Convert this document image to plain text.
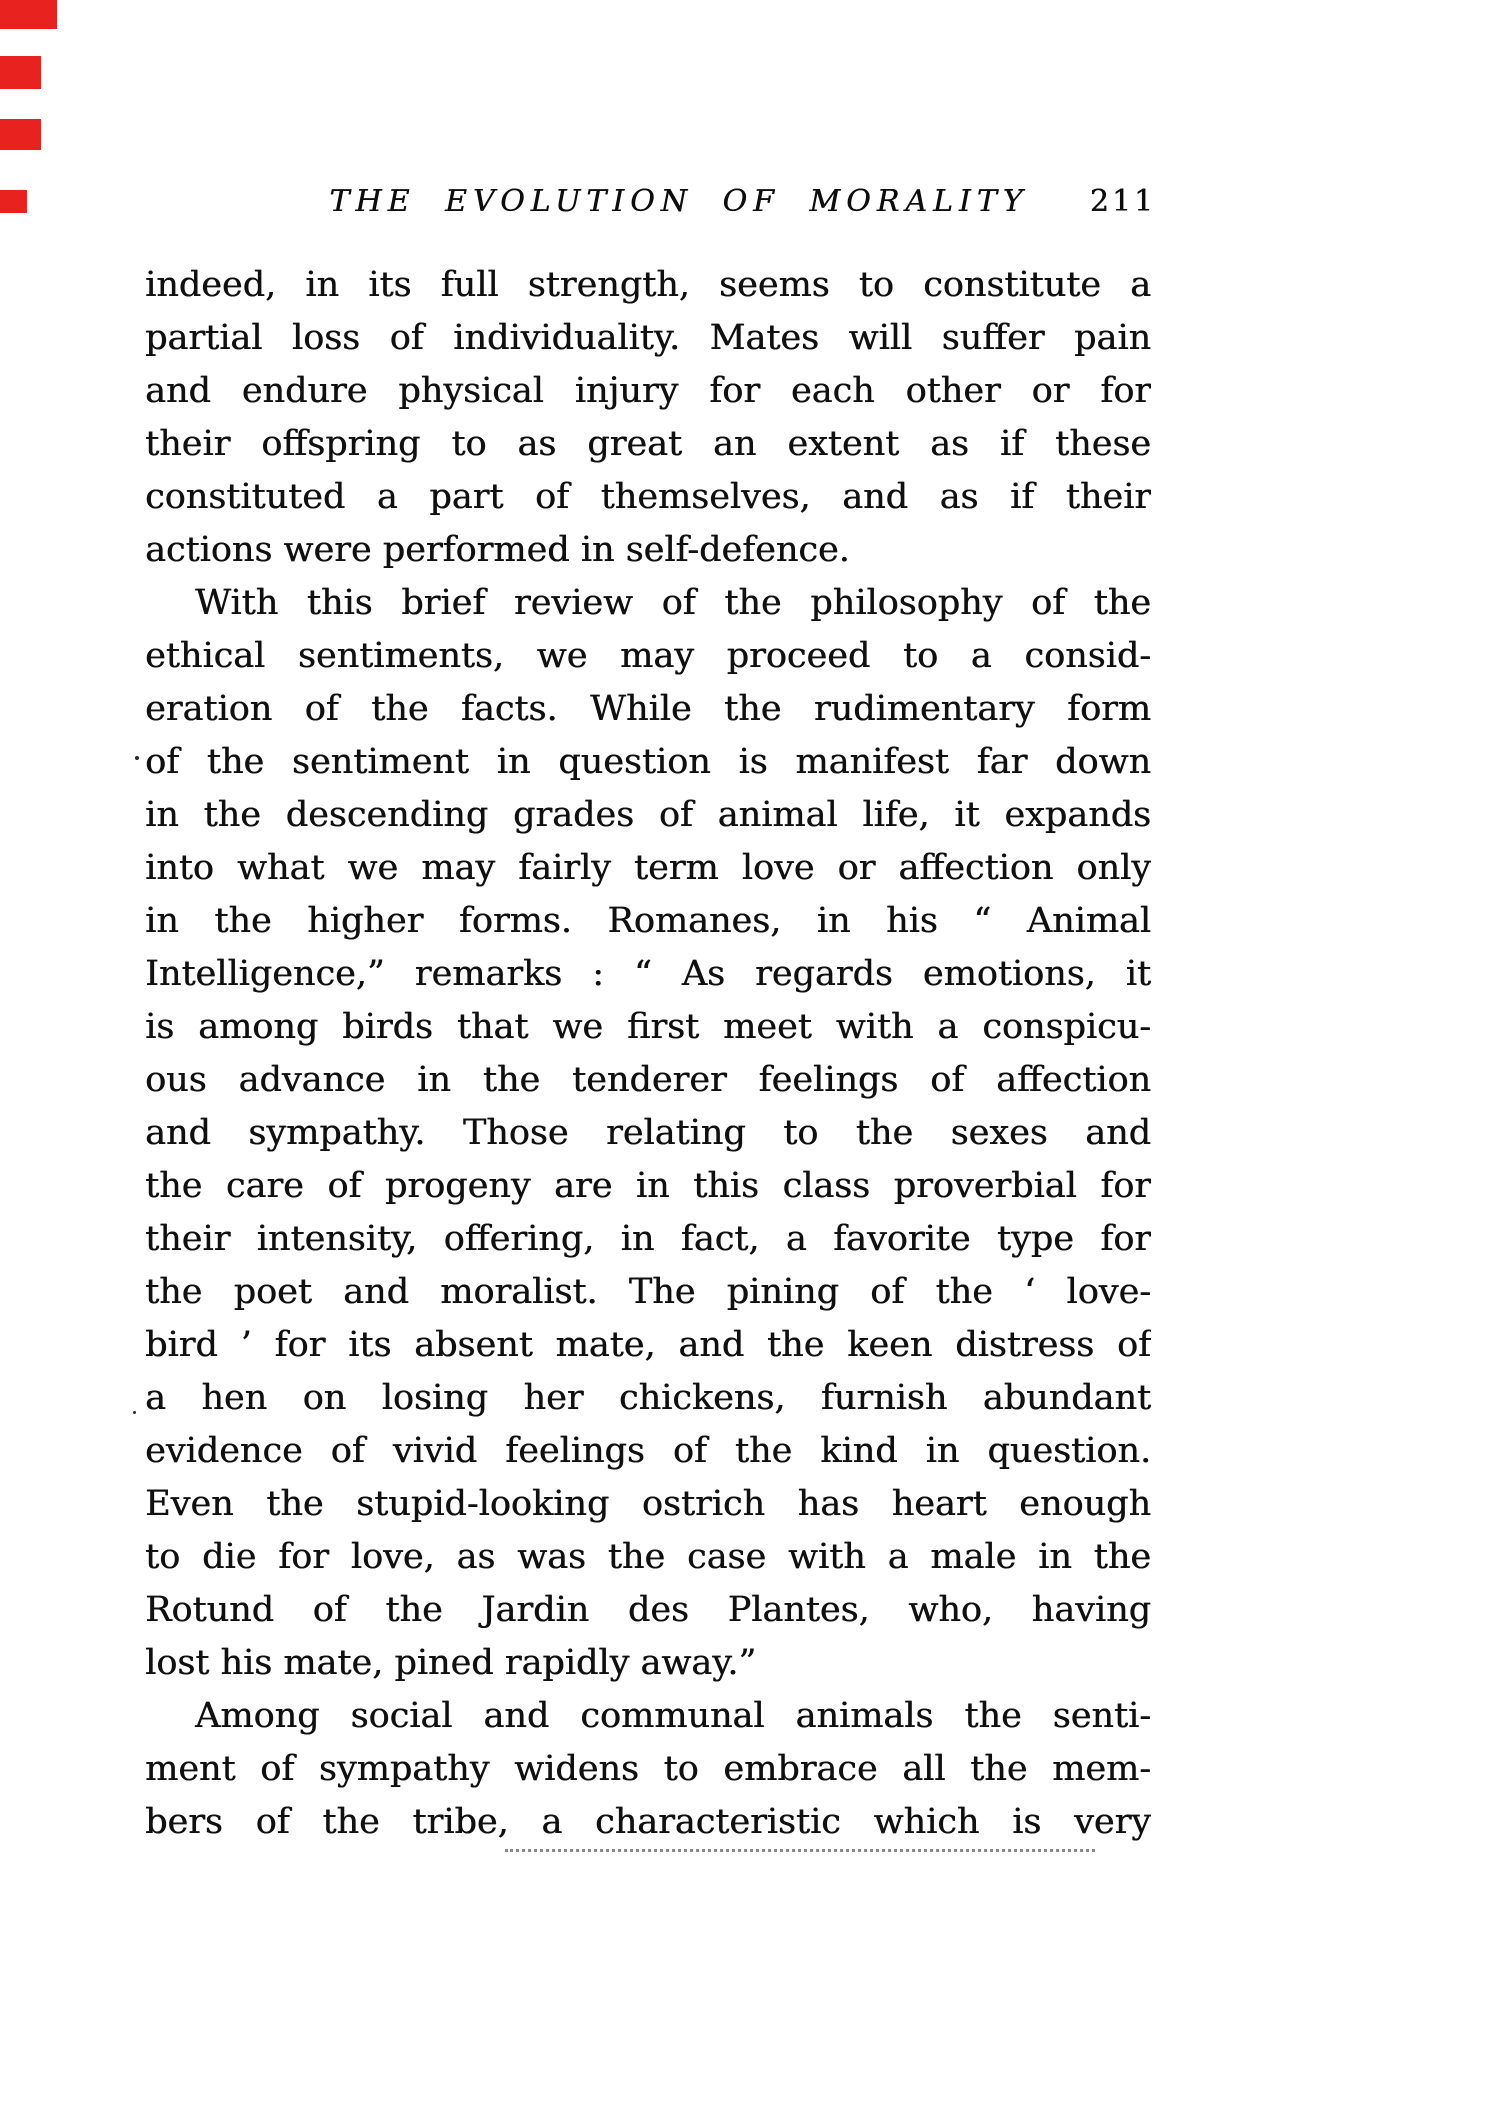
THE EVOLUTION OF MORALITY 211
indeed, in its full strength, seems to constitute a
partial loss of individuality. Mates will suffer pain
and endure physical injury for each other or for
their offspring to as great an extent as if these
constituted a part of themselves, and as if their
actions were performed in self-defence.
With this brief review of the philosophy of the
ethical sentiments, we may proceed to a consid-
eration of the facts. While the rudimentary form
of the sentiment in question is manifest far down
in the descending grades of animal life, it expands
into what we may fairly term love or affection only
in the higher forms. Romanes, in his “ Animal
Intelligence,” remarks : “ As regards emotions, it
is among birds that we first meet with a conspicu-
ous advance in the tenderer feelings of affection
and sympathy. Those relating to the sexes and
the care of progeny are in this class proverbial for
their intensity, offering, in fact, a favorite type for
the poet and moralist. The pining of the ‘ love-
bird ’ for its absent mate, and the keen distress of
a hen on losing her chickens, furnish abundant
evidence of vivid feelings of the kind in question.
Even the stupid-looking ostrich has heart enough
to die for love, as was the case with a male in the
Rotund of the Jardin des Plantes, who, having
lost his mate, pined rapidly away.”
Among social and communal animals the senti-
ment of sympathy widens to embrace all the mem-
bers of the tribe, a characteristic which is very
